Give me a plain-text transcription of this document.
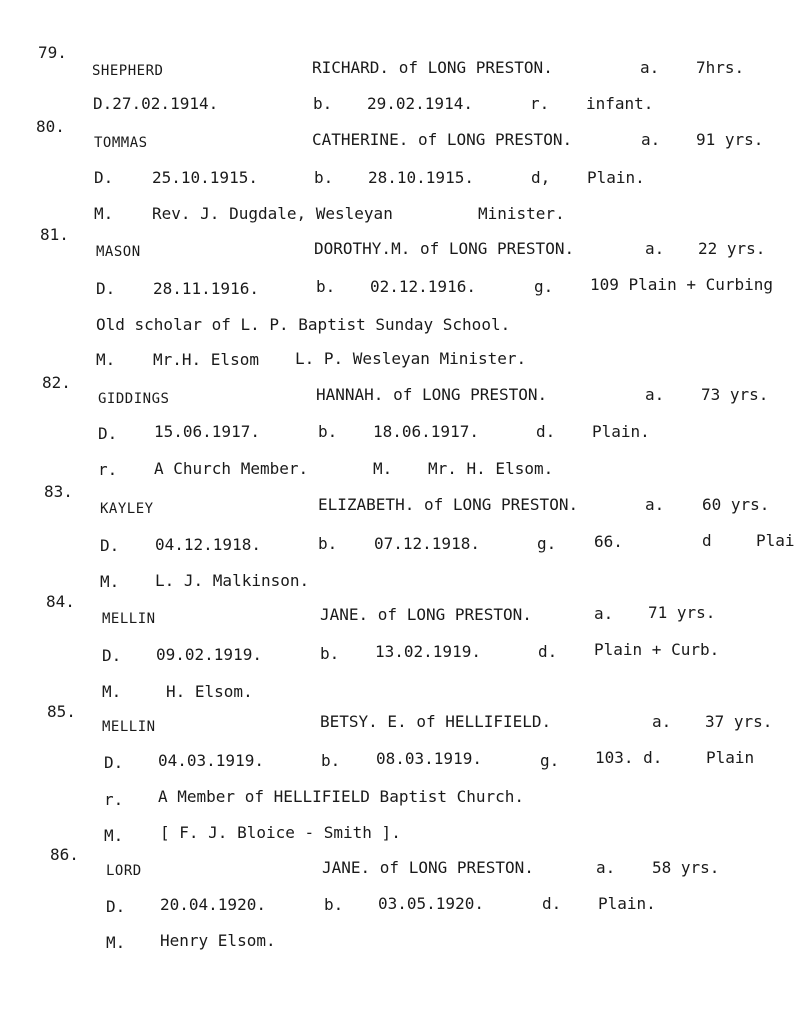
79.
SHEPHERD	RICHARD. of LONG PRESTON.	a. 7hrs.
D.27.02.1914.	b. 29.02.1914.	r. infant.
80.
TOMMAS	CATHERINE. of LONG PRESTON.	a. 91 yrs.
D. 25.10.1915.	b. 28.10.1915.	d, Plain.
M. Rev. J. Dugdale, Wesleyan	Minister.
81.
MASON	DOROTHY.M. of LONG PRESTON.	a. 22 yrs.
D. 28.11.1916.	b. 02.12.1916.	g. 109 Plain + Curbing
Old scholar of L. P. Baptist Sunday School.
M. Mr.H. Elsom L. P. Wesleyan Minister.
82.
GIDDINGS	HANNAH. of LONG PRESTON.	a. 73 yrs.
D. 15.06.1917.	b. 18.06.1917.	d. Plain.
r. A Church Member.	M. Mr. H. Elsom.
83.
KAYLEY	ELIZABETH. of LONG PRESTON.	a. 60 yrs.
D. 04.12.1918.	b. 07.12.1918.	g. 66.	d	Plai
M. L. J. Malkinson.
84.
MELLIN	JANE. of LONG PRESTON.	a. 71 yrs.
D. 09.02.1919.	b. 13.02.1919.	d. Plain + Curb.
M.	H. Elsom.
85.
MELLIN	BETSY. E. of HELLIFIELD.	a. 37 yrs.
D. 04.03.1919.	b. 08.03.1919.	g. 103. d.	Plain
r. A Member of HELLIFIELD Baptist Church.
M. [ F. J. Bloice - Smith ].
86.
LORD	JANE. of LONG PRESTON.	a. 58 yrs.
D. 20.04.1920.	b. 03.05.1920.	d. Plain.
M. Henry Elsom.
